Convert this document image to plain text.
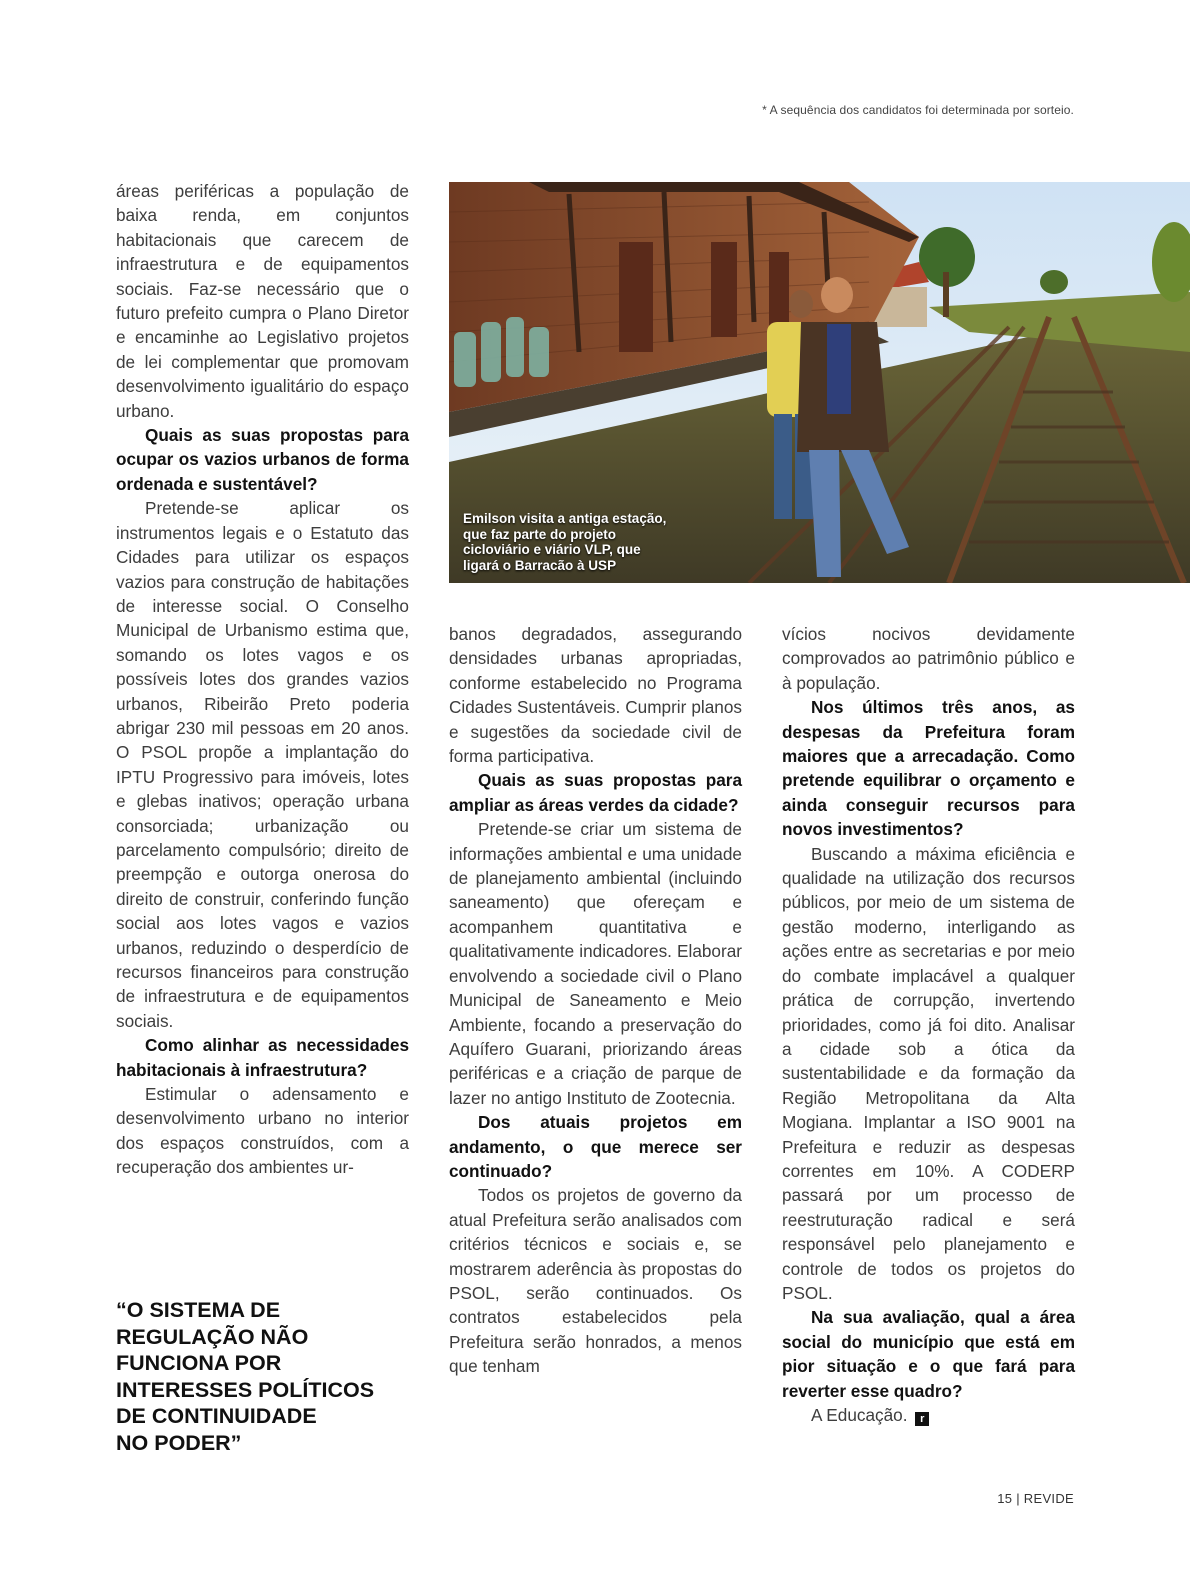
* A sequência dos candidatos foi determinada por sorteio.

áreas periféricas a população de baixa renda, em conjuntos habitacionais que carecem de infraestrutura e de equipamentos sociais. Faz-se necessário que o futuro prefeito cumpra o Plano Diretor e encaminhe ao Legislativo projetos de lei complementar que promovam desenvolvimento igualitário do espaço urbano.

Quais as suas propostas para ocupar os vazios urbanos de forma ordenada e sustentável?

Pretende-se aplicar os instrumentos legais e o Estatuto das Cidades para utilizar os espaços vazios para construção de habitações de interesse social. O Conselho Municipal de Urbanismo estima que, somando os lotes vagos e os possíveis lotes dos grandes vazios urbanos, Ribeirão Preto poderia abrigar 230 mil pessoas em 20 anos. O PSOL propõe a implantação do IPTU Progressivo para imóveis, lotes e glebas inativos; operação urbana consorciada; urbanização ou parcelamento compulsório; direito de preempção e outorga onerosa do direito de construir, conferindo função social aos lotes vagos e vazios urbanos, reduzindo o desperdício de recursos financeiros para construção de infraestrutura e de equipamentos sociais.

Como alinhar as necessidades habitacionais à infraestrutura?

Estimular o adensamento e desenvolvimento urbano no interior dos espaços construídos, com a recuperação dos ambientes ur-

“O SISTEMA DE
REGULAÇÃO NÃO
FUNCIONA POR
INTERESSES POLÍTICOS
DE CONTINUIDADE
NO PODER”
Emilson visita a antiga estação,
que faz parte do projeto
cicloviário e viário VLP, que
ligará o Barracão à USP

banos degradados, assegurando densidades urbanas apropriadas, conforme estabelecido no Programa Cidades Sustentáveis. Cumprir planos e sugestões da sociedade civil de forma participativa.

Quais as suas propostas para ampliar as áreas verdes da cidade?

Pretende-se criar um sistema de informações ambiental e uma unidade de planejamento ambiental (incluindo saneamento) que ofereçam e acompanhem quantitativa e qualitativamente indicadores. Elaborar envolvendo a sociedade civil o Plano Municipal de Saneamento e Meio Ambiente, focando a preservação do Aquífero Guarani, priorizando áreas periféricas e a criação de parque de lazer no antigo Instituto de Zootecnia.

Dos atuais projetos em andamento, o que merece ser continuado?

Todos os projetos de governo da atual Prefeitura serão analisados com critérios técnicos e sociais e, se mostrarem aderência às propostas do PSOL, serão continuados. Os contratos estabelecidos pela Prefeitura serão honrados, a menos que tenham

vícios nocivos devidamente comprovados ao patrimônio público e à população.

Nos últimos três anos, as despesas da Prefeitura foram maiores que a arrecadação. Como pretende equilibrar o orçamento e ainda conseguir recursos para novos investimentos?

Buscando a máxima eficiência e qualidade na utilização dos recursos públicos, por meio de um sistema de gestão moderno, interligando as ações entre as secretarias e por meio do combate implacável a qualquer prática de corrupção, invertendo prioridades, como já foi dito. Analisar a cidade sob a ótica da sustentabilidade e da formação da Região Metropolitana da Alta Mogiana. Implantar a ISO 9001 na Prefeitura e reduzir as despesas correntes em 10%. A CODERP passará por um processo de reestruturação radical e será responsável pelo planejamento e controle de todos os projetos do PSOL.

Na sua avaliação, qual a área social do município que está em pior situação e o que fará para reverter esse quadro?

A Educação. r

15 | REVIDE
